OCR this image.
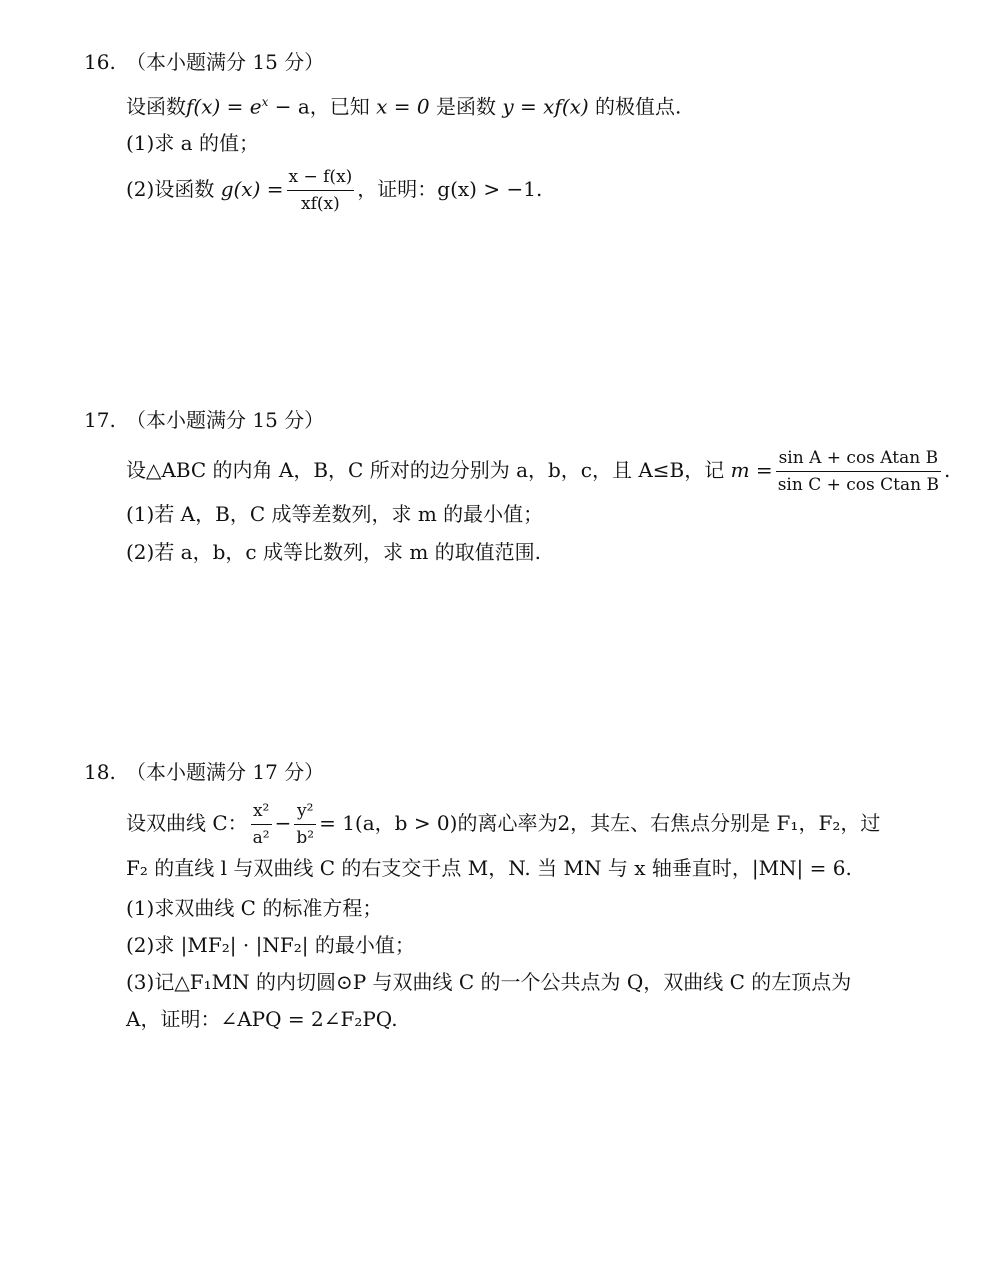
16. （本小题满分 15 分）
设函数$f(x) = e^x - a$，已知 x = 0 是函数 y = xf(x) 的极值点.
(1)求 a 的值；
(2)设函数 $g(x) = \frac{x - f(x)}{xf(x)}$ ，证明：g(x) > −1.
17. （本小题满分 15 分）
设△ABC 的内角 A，B，C 所对的边分别为 a，b，c，且 A≤B，记 $m = \frac{\text{sin A + cos Atan B}}{\text{sin C + cos Ctan B}}$ .
(1)若 A，B，C 成等差数列，求 m 的最小值；
(2)若 a，b，c 成等比数列，求 m 的取值范围.
18. （本小题满分 17 分）
设双曲线 C： $\frac{\text{x²}}{\text{a²}} - \frac{\text{y²}}{\text{b²}} = 1(a$，b > 0)的离心率为2，其左、右焦点分别是 F₁，F₂，过
F₂ 的直线 l 与双曲线 C 的右支交于点 M，N. 当 MN 与 x 轴垂直时，|MN| = 6.
(1)求双曲线 C 的标准方程；
(2)求 |MF₂| · |NF₂| 的最小值；
(3)记△F₁MN 的内切圆⊙P 与双曲线 C 的一个公共点为 Q，双曲线 C 的左顶点为
A，证明：∠APQ = 2∠F₂PQ.
